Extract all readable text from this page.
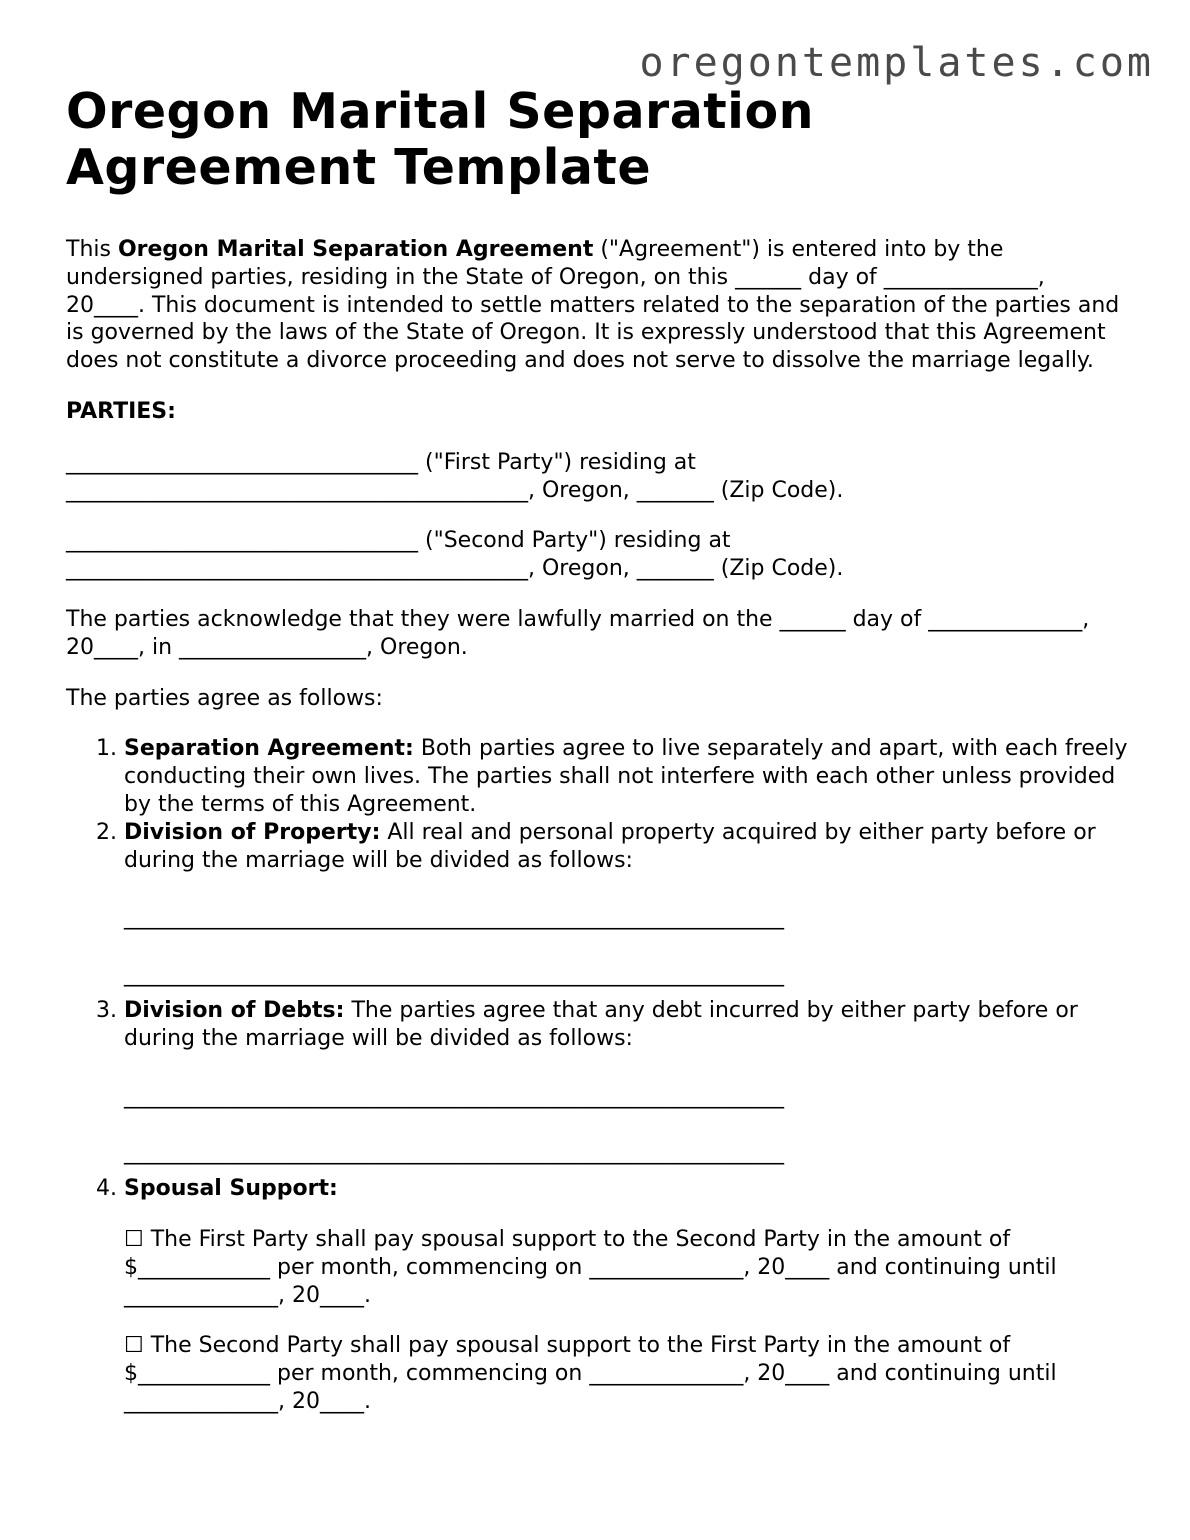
oregontemplates.com
Oregon Marital Separation Agreement Template

This Oregon Marital Separation Agreement ("Agreement") is entered into by the undersigned parties, residing in the State of Oregon, on this ______ day of ______________, 20____. This document is intended to settle matters related to the separation of the parties and is governed by the laws of the State of Oregon. It is expressly understood that this Agreement does not constitute a divorce proceeding and does not serve to dissolve the marriage legally.

PARTIES:

________________________________ ("First Party") residing at
__________________________________________, Oregon, _______ (Zip Code).

________________________________ ("Second Party") residing at
__________________________________________, Oregon, _______ (Zip Code).

The parties acknowledge that they were lawfully married on the ______ day of ______________, 20____, in _________________, Oregon.

The parties agree as follows:

1. Separation Agreement: Both parties agree to live separately and apart, with each freely conducting their own lives. The parties shall not interfere with each other unless provided by the terms of this Agreement.
2. Division of Property: All real and personal property acquired by either party before or during the marriage will be divided as follows:

____________________________________________________________

____________________________________________________________

3. Division of Debts: The parties agree that any debt incurred by either party before or during the marriage will be divided as follows:

____________________________________________________________

____________________________________________________________

4. Spousal Support:

☐ The First Party shall pay spousal support to the Second Party in the amount of $____________ per month, commencing on ______________, 20____ and continuing until ______________, 20____.

☐ The Second Party shall pay spousal support to the First Party in the amount of $____________ per month, commencing on ______________, 20____ and continuing until ______________, 20____.
